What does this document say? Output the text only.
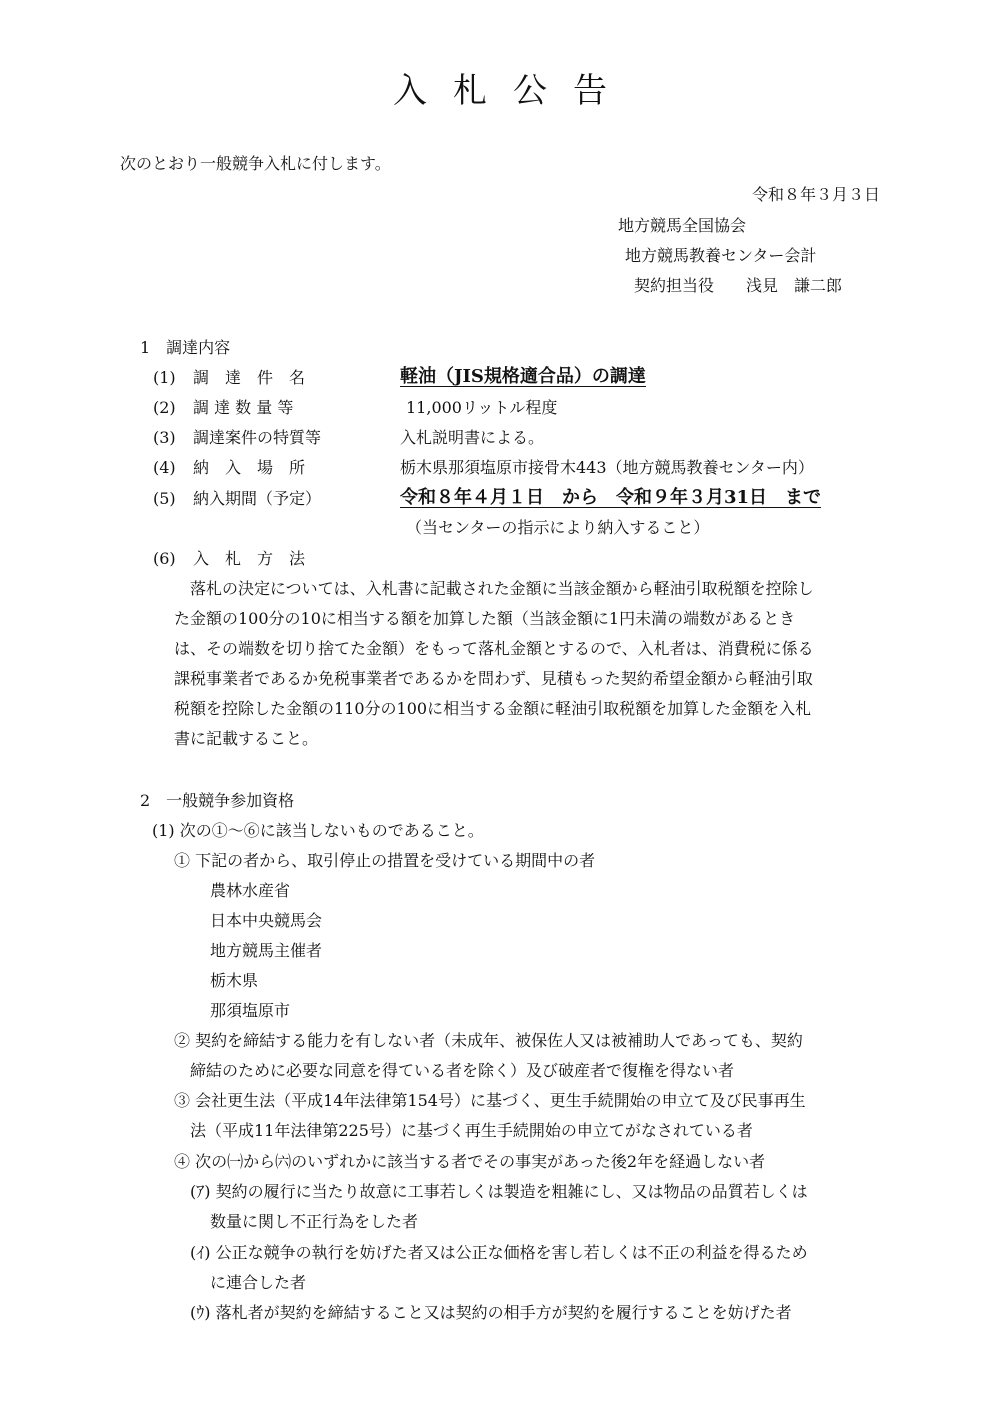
入札公告
次のとおり一般競争入札に付します。
令和８年３月３日
地方競馬全国協会
地方競馬教養センター会計
契約担当役　　浅見　謙二郎
1　調達内容
(1) 調　達　件　名	軽油（JIS規格適合品）の調達
(2) 調 達 数 量 等	11,000リットル程度
(3) 調達案件の特質等	入札説明書による。
(4) 納　入　場　所	栃木県那須塩原市接骨木443（地方競馬教養センター内）
(5) 納入期間（予定）	令和８年４月１日　から　令和９年３月31日　まで
（当センターの指示により納入すること）
(6) 入　札　方　法
落札の決定については、入札書に記載された金額に当該金額から軽油引取税額を控除し
た金額の100分の10に相当する額を加算した額（当該金額に1円未満の端数があるとき
は、その端数を切り捨てた金額）をもって落札金額とするので、入札者は、消費税に係る
課税事業者であるか免税事業者であるかを問わず、見積もった契約希望金額から軽油引取
税額を控除した金額の110分の100に相当する金額に軽油引取税額を加算した金額を入札
書に記載すること。
2　一般競争参加資格
(1) 次の①～⑥に該当しないものであること。
① 下記の者から、取引停止の措置を受けている期間中の者
農林水産省
日本中央競馬会
地方競馬主催者
栃木県
那須塩原市
② 契約を締結する能力を有しない者（未成年、被保佐人又は被補助人であっても、契約
締結のために必要な同意を得ている者を除く）及び破産者で復権を得ない者
③ 会社更生法（平成14年法律第154号）に基づく、更生手続開始の申立て及び民事再生
法（平成11年法律第225号）に基づく再生手続開始の申立てがなされている者
④ 次の㈠から㈥のいずれかに該当する者でその事実があった後2年を経過しない者
(ｱ) 契約の履行に当たり故意に工事若しくは製造を粗雑にし、又は物品の品質若しくは
数量に関し不正行為をした者
(ｲ) 公正な競争の執行を妨げた者又は公正な価格を害し若しくは不正の利益を得るため
に連合した者
(ｳ) 落札者が契約を締結すること又は契約の相手方が契約を履行することを妨げた者
